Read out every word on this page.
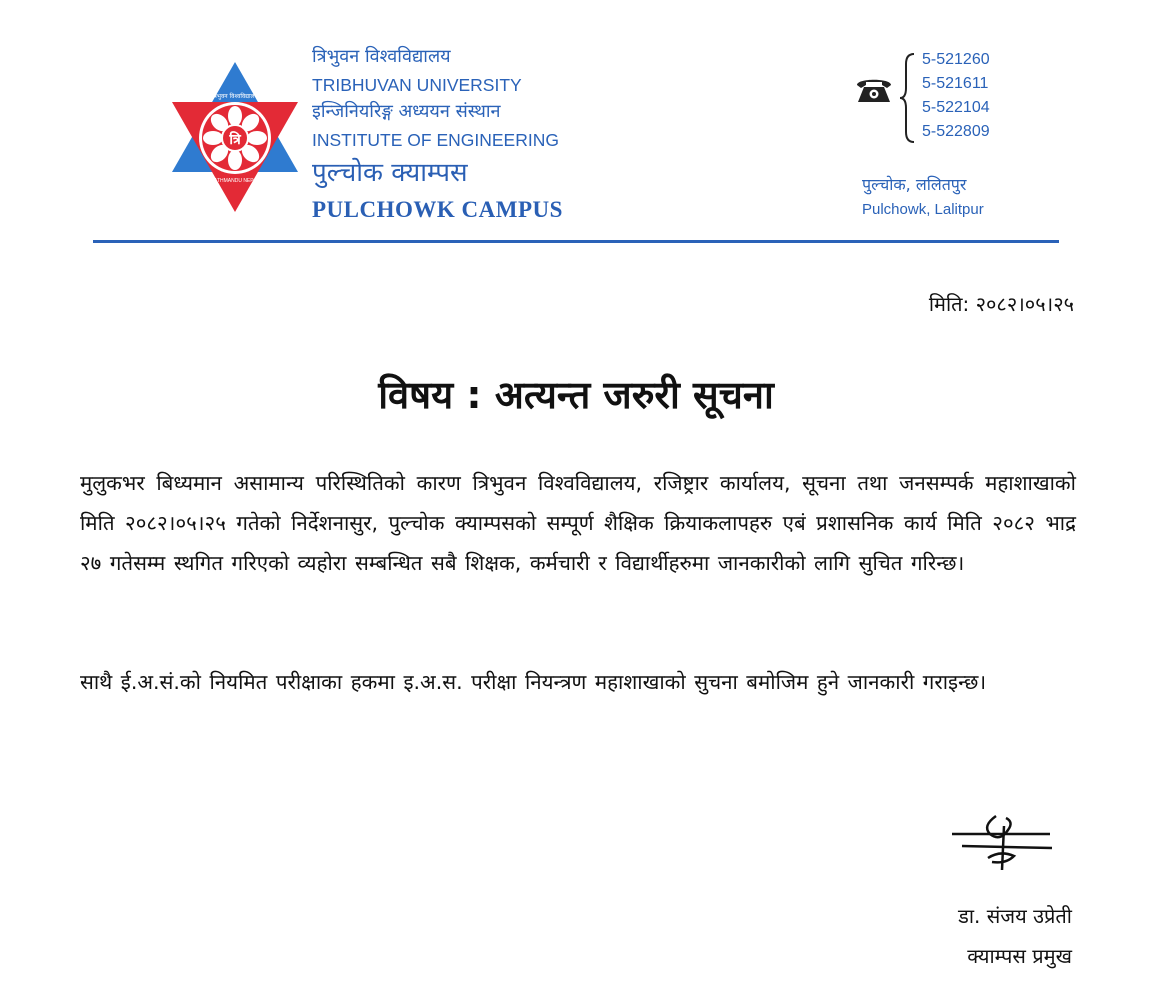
त्रि
त्रिभुवन विश्वविद्यालय
KATHMANDU NEPAL
त्रिभुवन विश्वविद्यालय
TRIBHUVAN UNIVERSITY
इन्जिनियरिङ्ग अध्ययन संस्थान
INSTITUTE OF ENGINEERING
पुल्चोक क्याम्पस
PULCHOWK CAMPUS
5-521260
5-521611
5-522104
5-522809
पुल्चोक, ललितपुर
Pulchowk, Lalitpur
मिति: २०८२।०५।२५
विषय : अत्यन्त जरुरी सूचना

मुलुकभर बिध्यमान असामान्य परिस्थितिको कारण त्रिभुवन विश्वविद्यालय, रजिष्ट्रार कार्यालय, सूचना तथा जनसम्पर्क महाशाखाको मिति २०८२।०५।२५ गतेको निर्देशनासुर, पुल्चोक क्याम्पसको सम्पूर्ण शैक्षिक क्रियाकलापहरु एबं प्रशासनिक कार्य मिति २०८२ भाद्र २७ गतेसम्म स्थगित गरिएको व्यहोरा सम्बन्धित सबै शिक्षक, कर्मचारी र विद्यार्थीहरुमा जानकारीको लागि सुचित गरिन्छ।

साथै ई.अ.सं.को नियमित परीक्षाका हकमा इ.अ.स. परीक्षा नियन्त्रण महाशाखाको सुचना बमोजिम हुने जानकारी गराइन्छ।

डा. संजय उप्रेती
क्याम्पस प्रमुख
